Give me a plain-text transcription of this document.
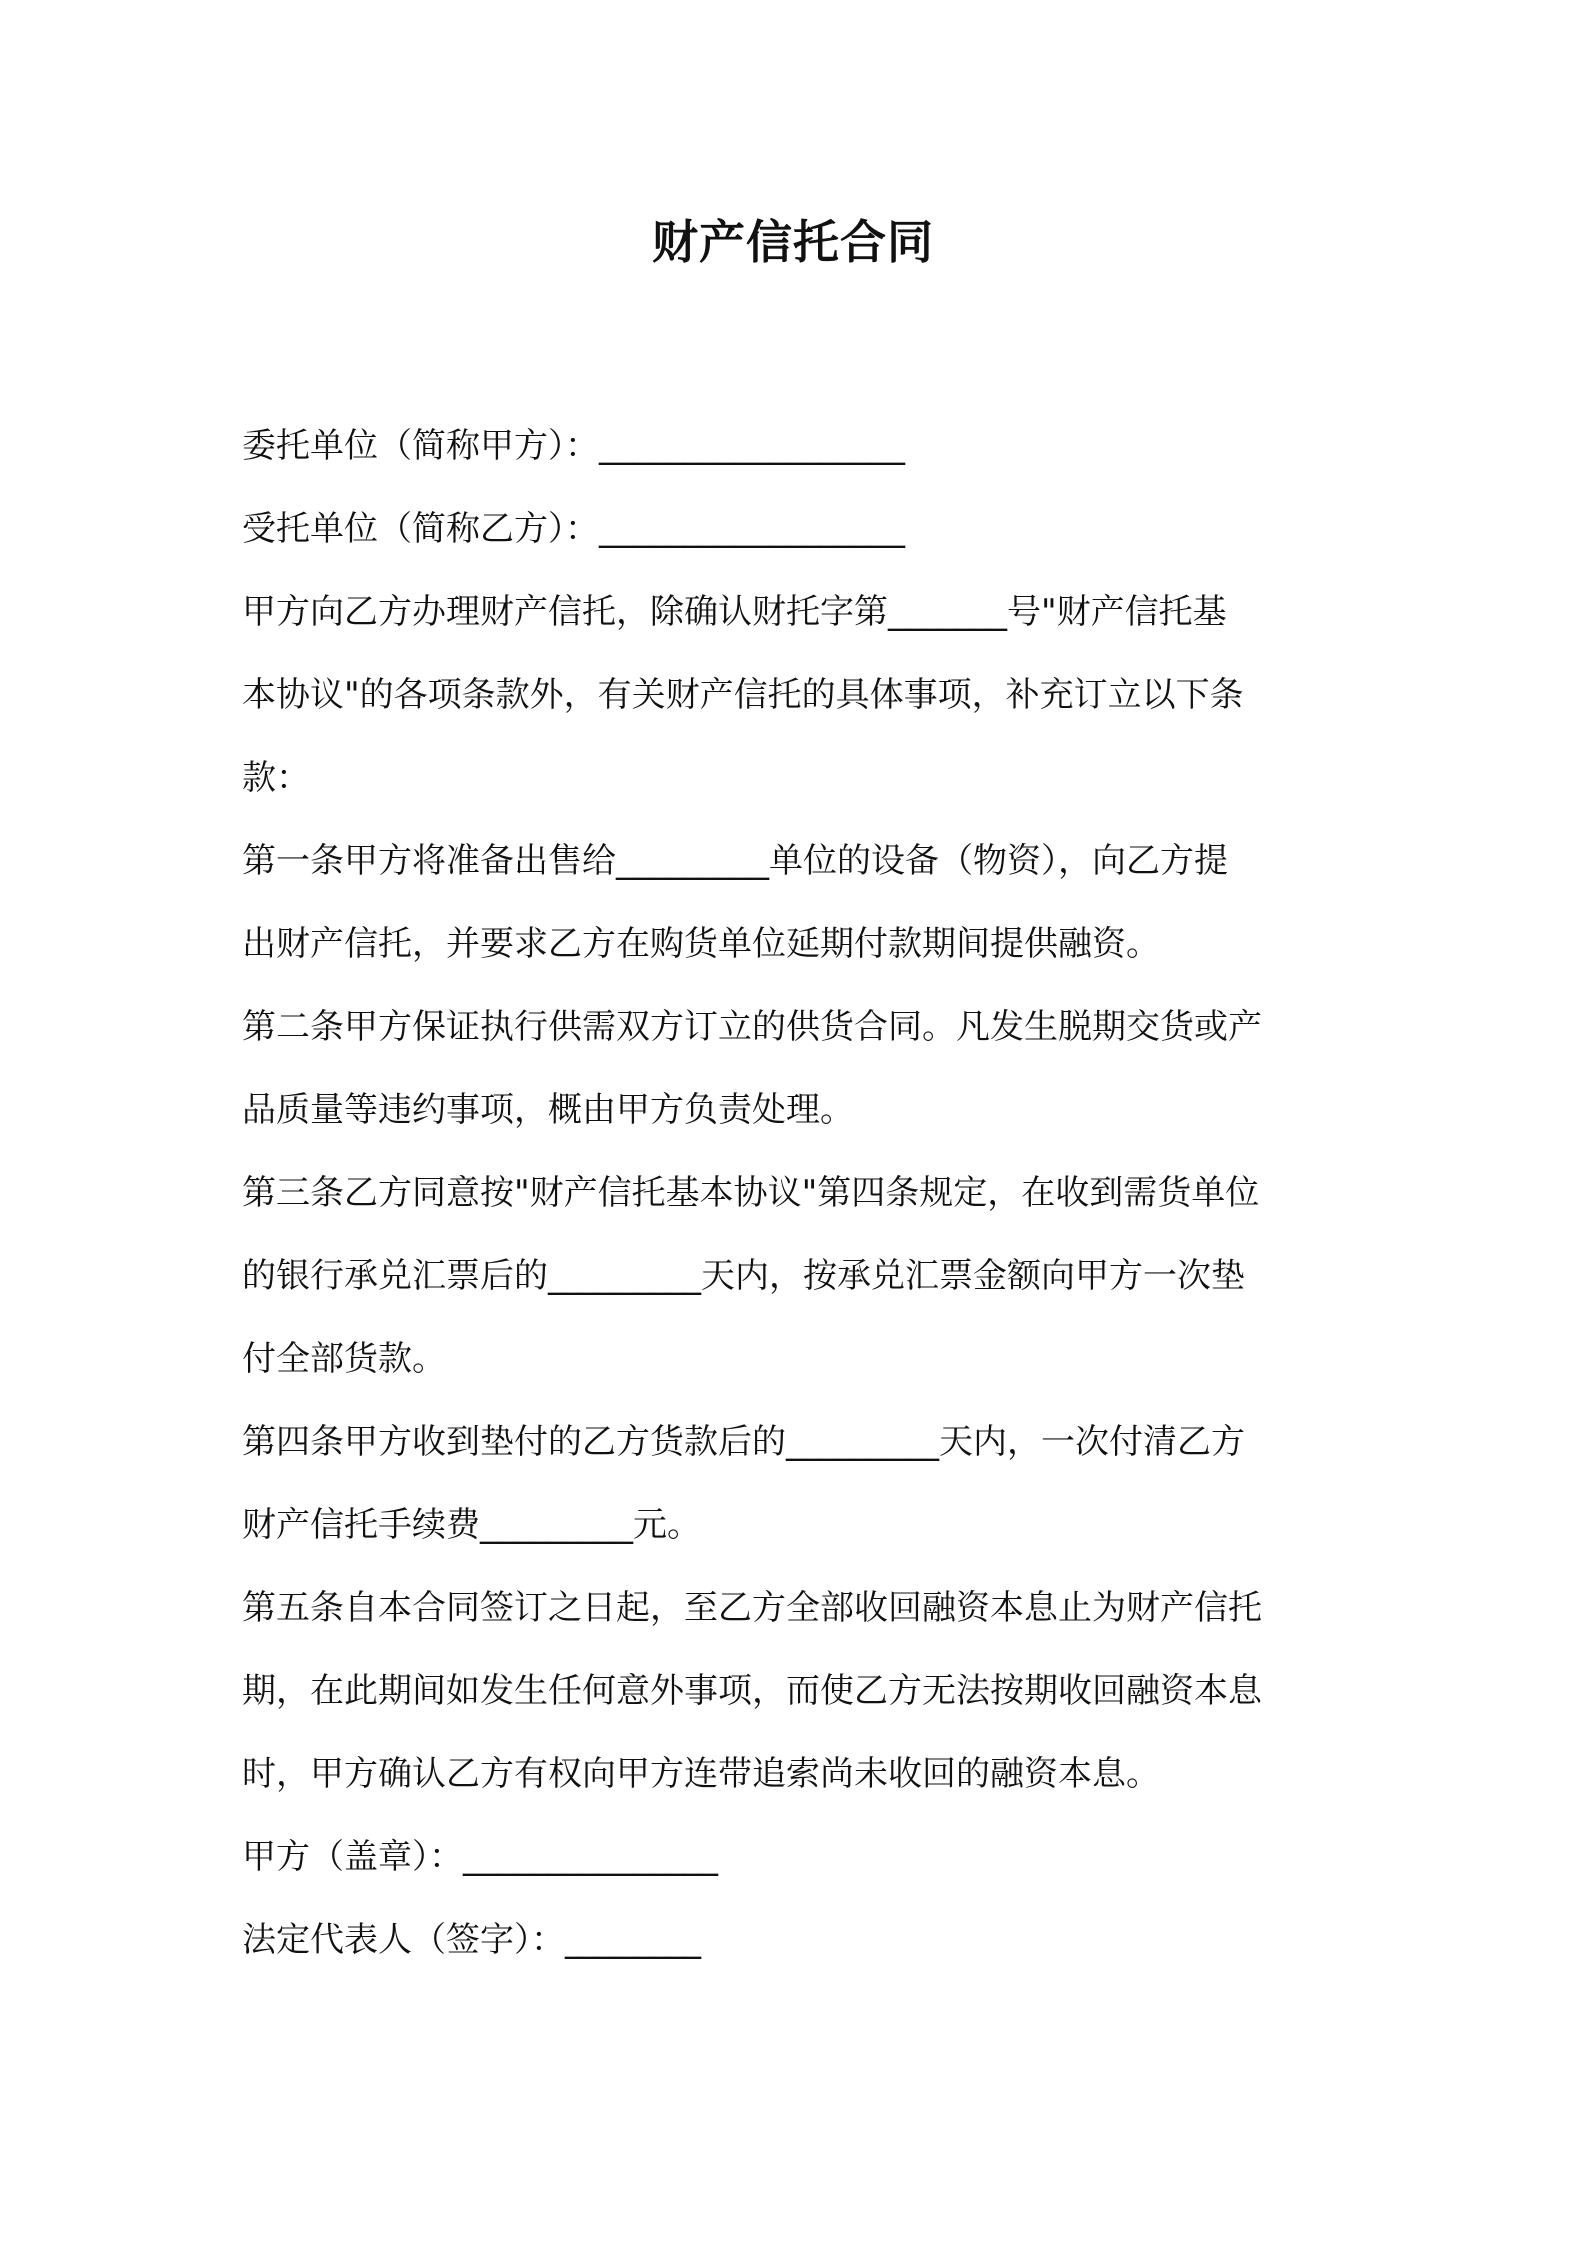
财产信托合同
委托单位（简称甲方）：__________________
受托单位（简称乙方）：__________________
甲方向乙方办理财产信托，除确认财托字第_______号"财产信托基
本协议"的各项条款外，有关财产信托的具体事项，补充订立以下条
款：
第一条甲方将准备出售给_________单位的设备（物资），向乙方提
出财产信托，并要求乙方在购货单位延期付款期间提供融资。
第二条甲方保证执行供需双方订立的供货合同。凡发生脱期交货或产
品质量等违约事项，概由甲方负责处理。
第三条乙方同意按"财产信托基本协议"第四条规定，在收到需货单位
的银行承兑汇票后的_________天内，按承兑汇票金额向甲方一次垫
付全部货款。
第四条甲方收到垫付的乙方货款后的_________天内，一次付清乙方
财产信托手续费_________元。
第五条自本合同签订之日起，至乙方全部收回融资本息止为财产信托
期，在此期间如发生任何意外事项，而使乙方无法按期收回融资本息
时，甲方确认乙方有权向甲方连带追索尚未收回的融资本息。
甲方（盖章）：_______________
法定代表人（签字）：________
